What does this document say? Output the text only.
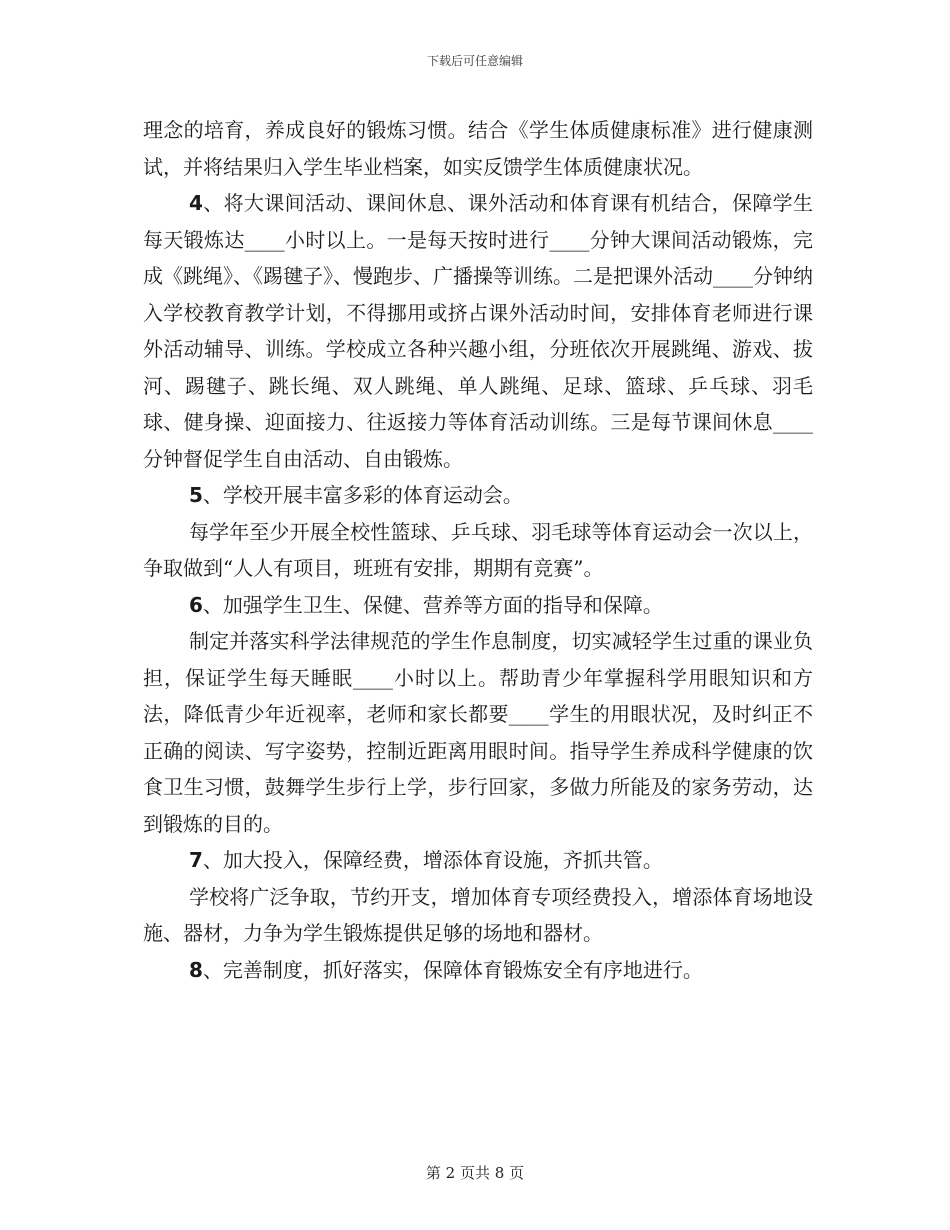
下载后可任意编辑

理念的培育，养成良好的锻炼习惯。结合《学生体质健康标准》进行健康测试，并将结果归入学生毕业档案，如实反馈学生体质健康状况。

4、将大课间活动、课间休息、课外活动和体育课有机结合，保障学生每天锻炼达____小时以上。一是每天按时进行____分钟大课间活动锻炼，完成《跳绳》、《踢毽子》、慢跑步、广播操等训练。二是把课外活动____分钟纳入学校教育教学计划，不得挪用或挤占课外活动时间，安排体育老师进行课外活动辅导、训练。学校成立各种兴趣小组，分班依次开展跳绳、游戏、拔河、踢毽子、跳长绳、双人跳绳、单人跳绳、足球、篮球、乒乓球、羽毛球、健身操、迎面接力、往返接力等体育活动训练。三是每节课间休息____分钟督促学生自由活动、自由锻炼。

5、学校开展丰富多彩的体育运动会。

每学年至少开展全校性篮球、乒乓球、羽毛球等体育运动会一次以上，争取做到“人人有项目，班班有安排，期期有竞赛”。

6、加强学生卫生、保健、营养等方面的指导和保障。

制定并落实科学法律规范的学生作息制度，切实减轻学生过重的课业负担，保证学生每天睡眠____小时以上。帮助青少年掌握科学用眼知识和方法，降低青少年近视率，老师和家长都要____学生的用眼状况，及时纠正不正确的阅读、写字姿势，控制近距离用眼时间。指导学生养成科学健康的饮食卫生习惯，鼓舞学生步行上学，步行回家，多做力所能及的家务劳动，达到锻炼的目的。

7、加大投入，保障经费，增添体育设施，齐抓共管。

学校将广泛争取，节约开支，增加体育专项经费投入，增添体育场地设施、器材，力争为学生锻炼提供足够的场地和器材。

8、完善制度，抓好落实，保障体育锻炼安全有序地进行。

第 2 页共 8 页
